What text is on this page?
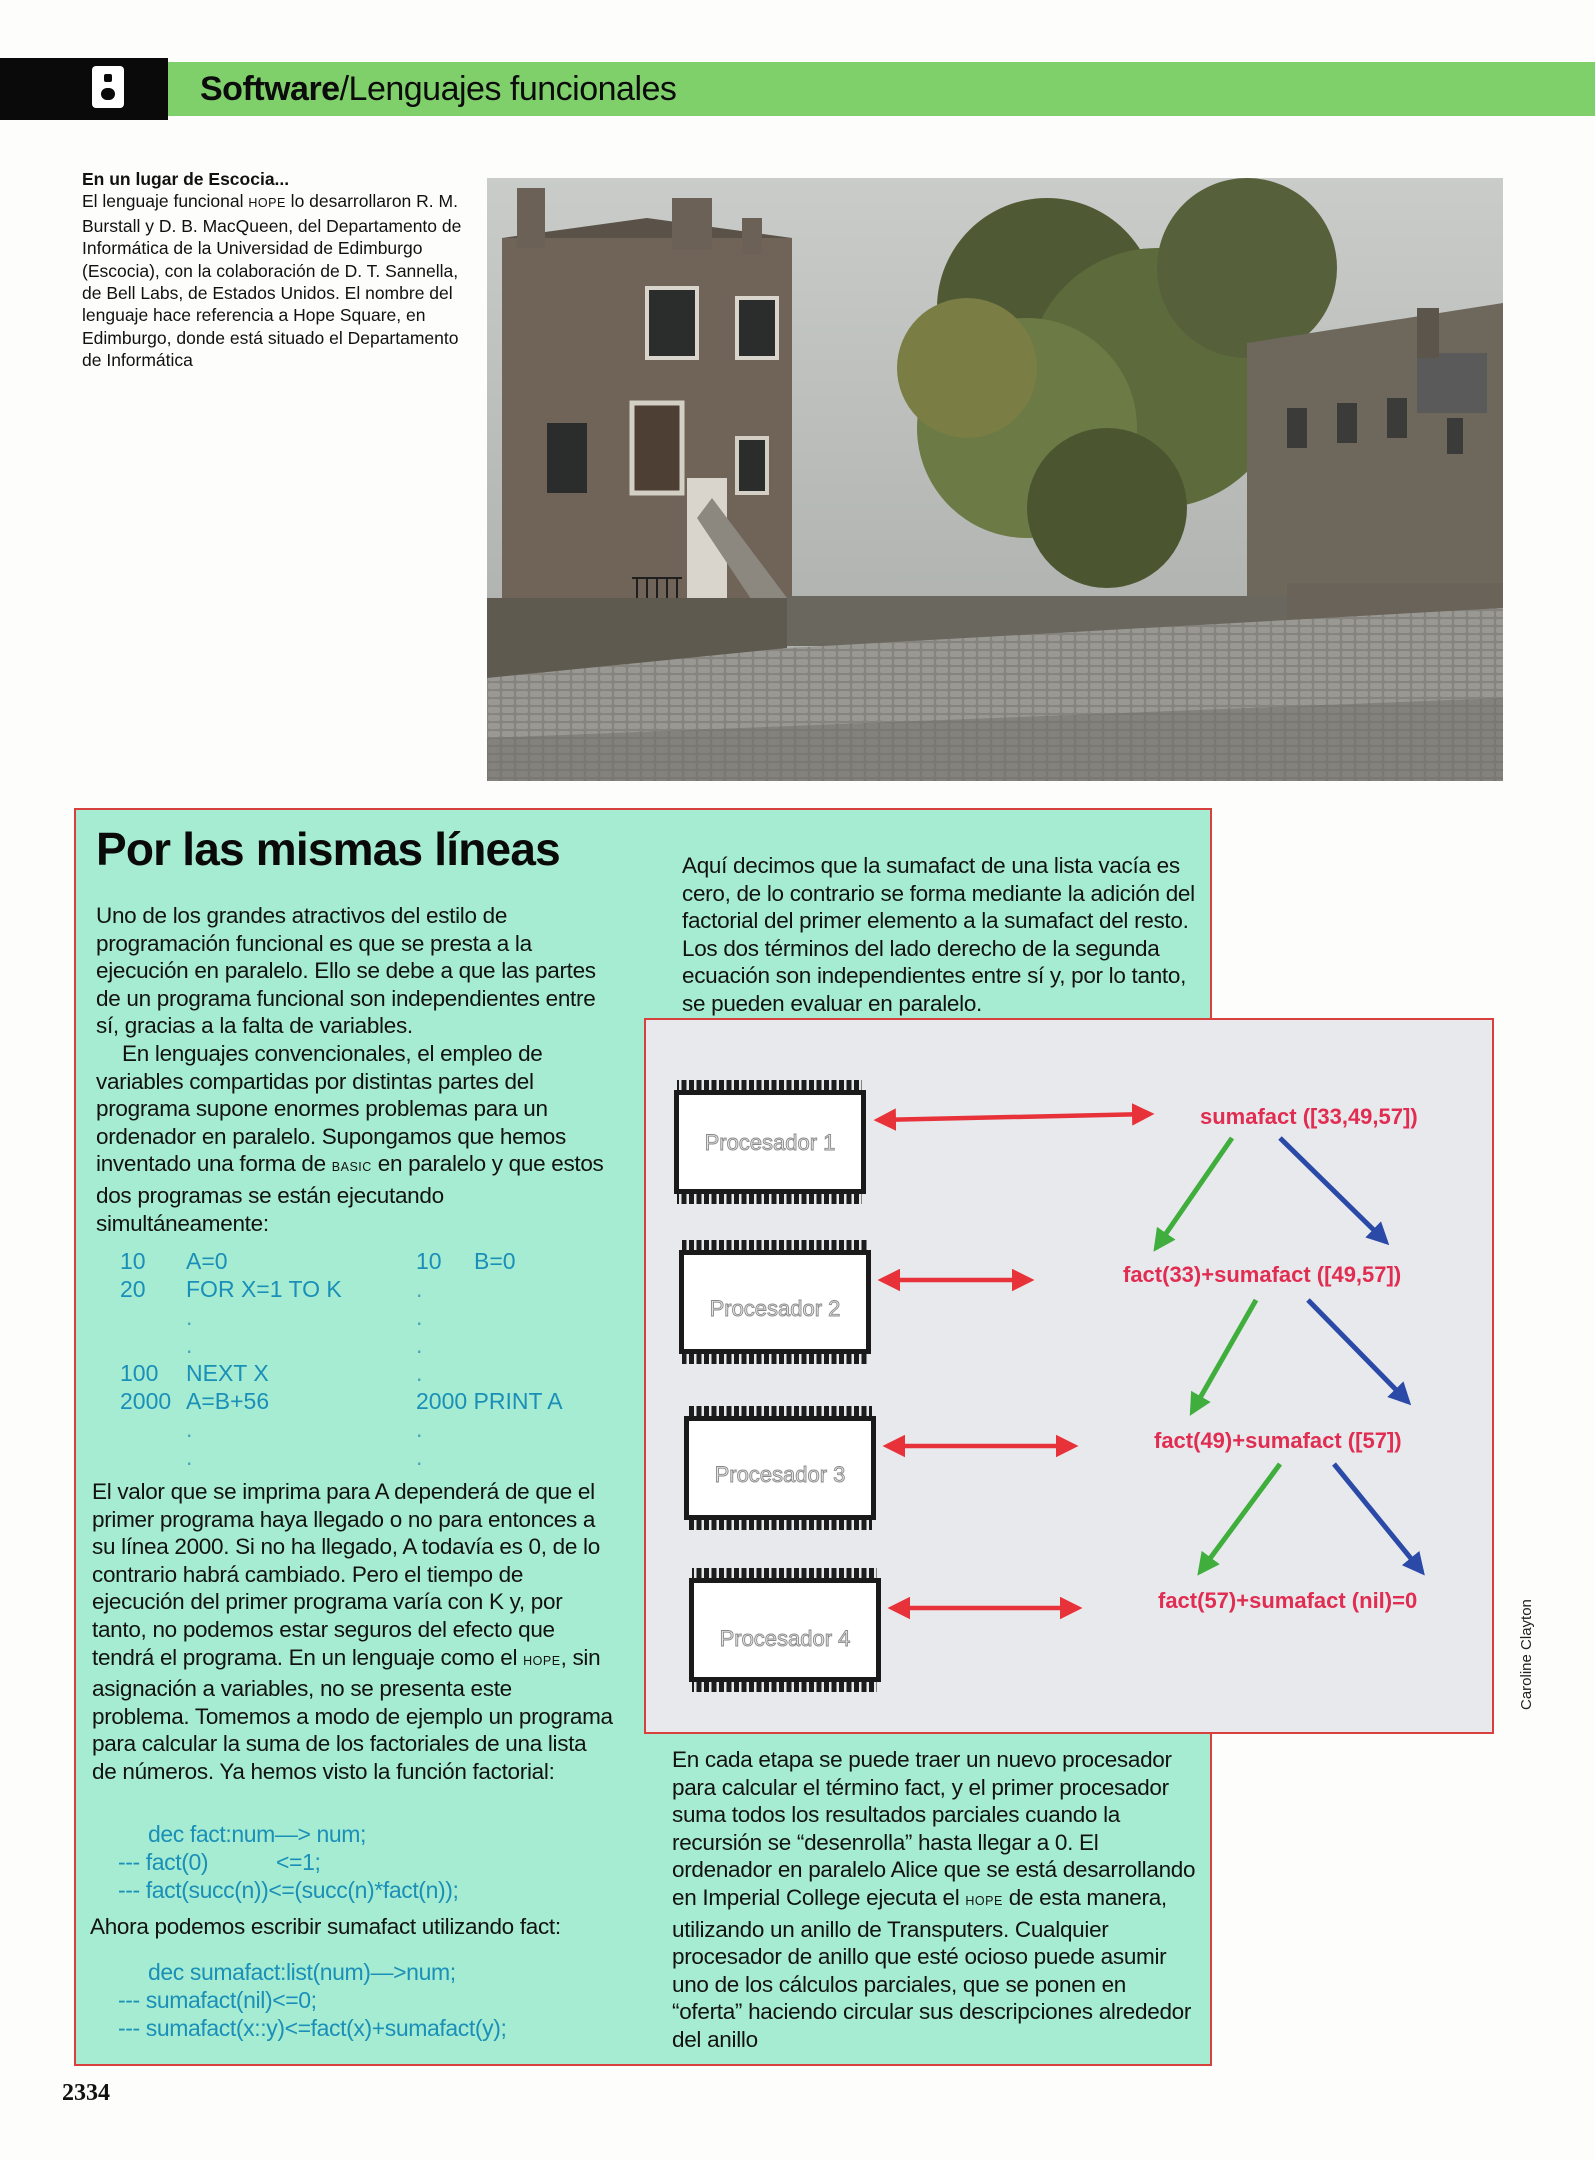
Software/Lenguajes funcionales
En un lugar de Escocia...
El lenguaje funcional HOPE lo desarrollaron R. M. Burstall y D. B. MacQueen, del Departamento de Informática de la Universidad de Edimburgo (Escocia), con la colaboración de D. T. Sannella, de Bell Labs, de Estados Unidos. El nombre del lenguaje hace referencia a Hope Square, en Edimburgo, donde está situado el Departamento de Informática
Por las mismas líneas

Uno de los grandes atractivos del estilo de programación funcional es que se presta a la ejecución en paralelo. Ello se debe a que las partes de un programa funcional son independientes entre sí, gracias a la falta de variables.

En lenguajes convencionales, el empleo de variables compartidas por distintas partes del programa supone enormes problemas para un ordenador en paralelo. Supongamos que hemos inventado una forma de BASIC en paralelo y que estos dos programas se están ejecutando simultáneamente:

10 A=0
20 FOR X=1 TO K
.
.
100 NEXT X
2000 A=B+56
.
.
10 B=0
.
.
.
.
2000 PRINT A
.
.

El valor que se imprima para A dependerá de que el primer programa haya llegado o no para entonces a su línea 2000. Si no ha llegado, A todavía es 0, de lo contrario habrá cambiado. Pero el tiempo de ejecución del primer programa varía con K y, por tanto, no podemos estar seguros del efecto que tendrá el programa. En un lenguaje como el HOPE, sin asignación a variables, no se presenta este problema. Tomemos a modo de ejemplo un programa para calcular la suma de los factoriales de una lista de números. Ya hemos visto la función factorial:

dec fact:num—> num;
--- fact(0)	<=1;
--- fact(succ(n))<=(succ(n)*fact(n));
Ahora podemos escribir sumafact utilizando fact:
dec sumafact:list(num)—>num;
--- sumafact(nil)<=0;
--- sumafact(x::y)<=fact(x)+sumafact(y);

Aquí decimos que la sumafact de una lista vacía es cero, de lo contrario se forma mediante la adición del factorial del primer elemento a la sumafact del resto. Los dos términos del lado derecho de la segunda ecuación son independientes entre sí y, por lo tanto, se pueden evaluar en paralelo.

En cada etapa se puede traer un nuevo procesador para calcular el término fact, y el primer procesador suma todos los resultados parciales cuando la recursión se “desenrolla” hasta llegar a 0. El ordenador en paralelo Alice que se está desarrollando en Imperial College ejecuta el HOPE de esta manera, utilizando un anillo de Transputers. Cualquier procesador de anillo que esté ocioso puede asumir uno de los cálculos parciales, que se ponen en “oferta” haciendo circular sus descripciones alrededor del anillo

Procesador 1
Procesador 2
Procesador 3
Procesador 4
sumafact ([33,49,57])
fact(33)+sumafact ([49,57])
fact(49)+sumafact ([57])
fact(57)+sumafact (nil)=0	Caroline Clayton
2334
